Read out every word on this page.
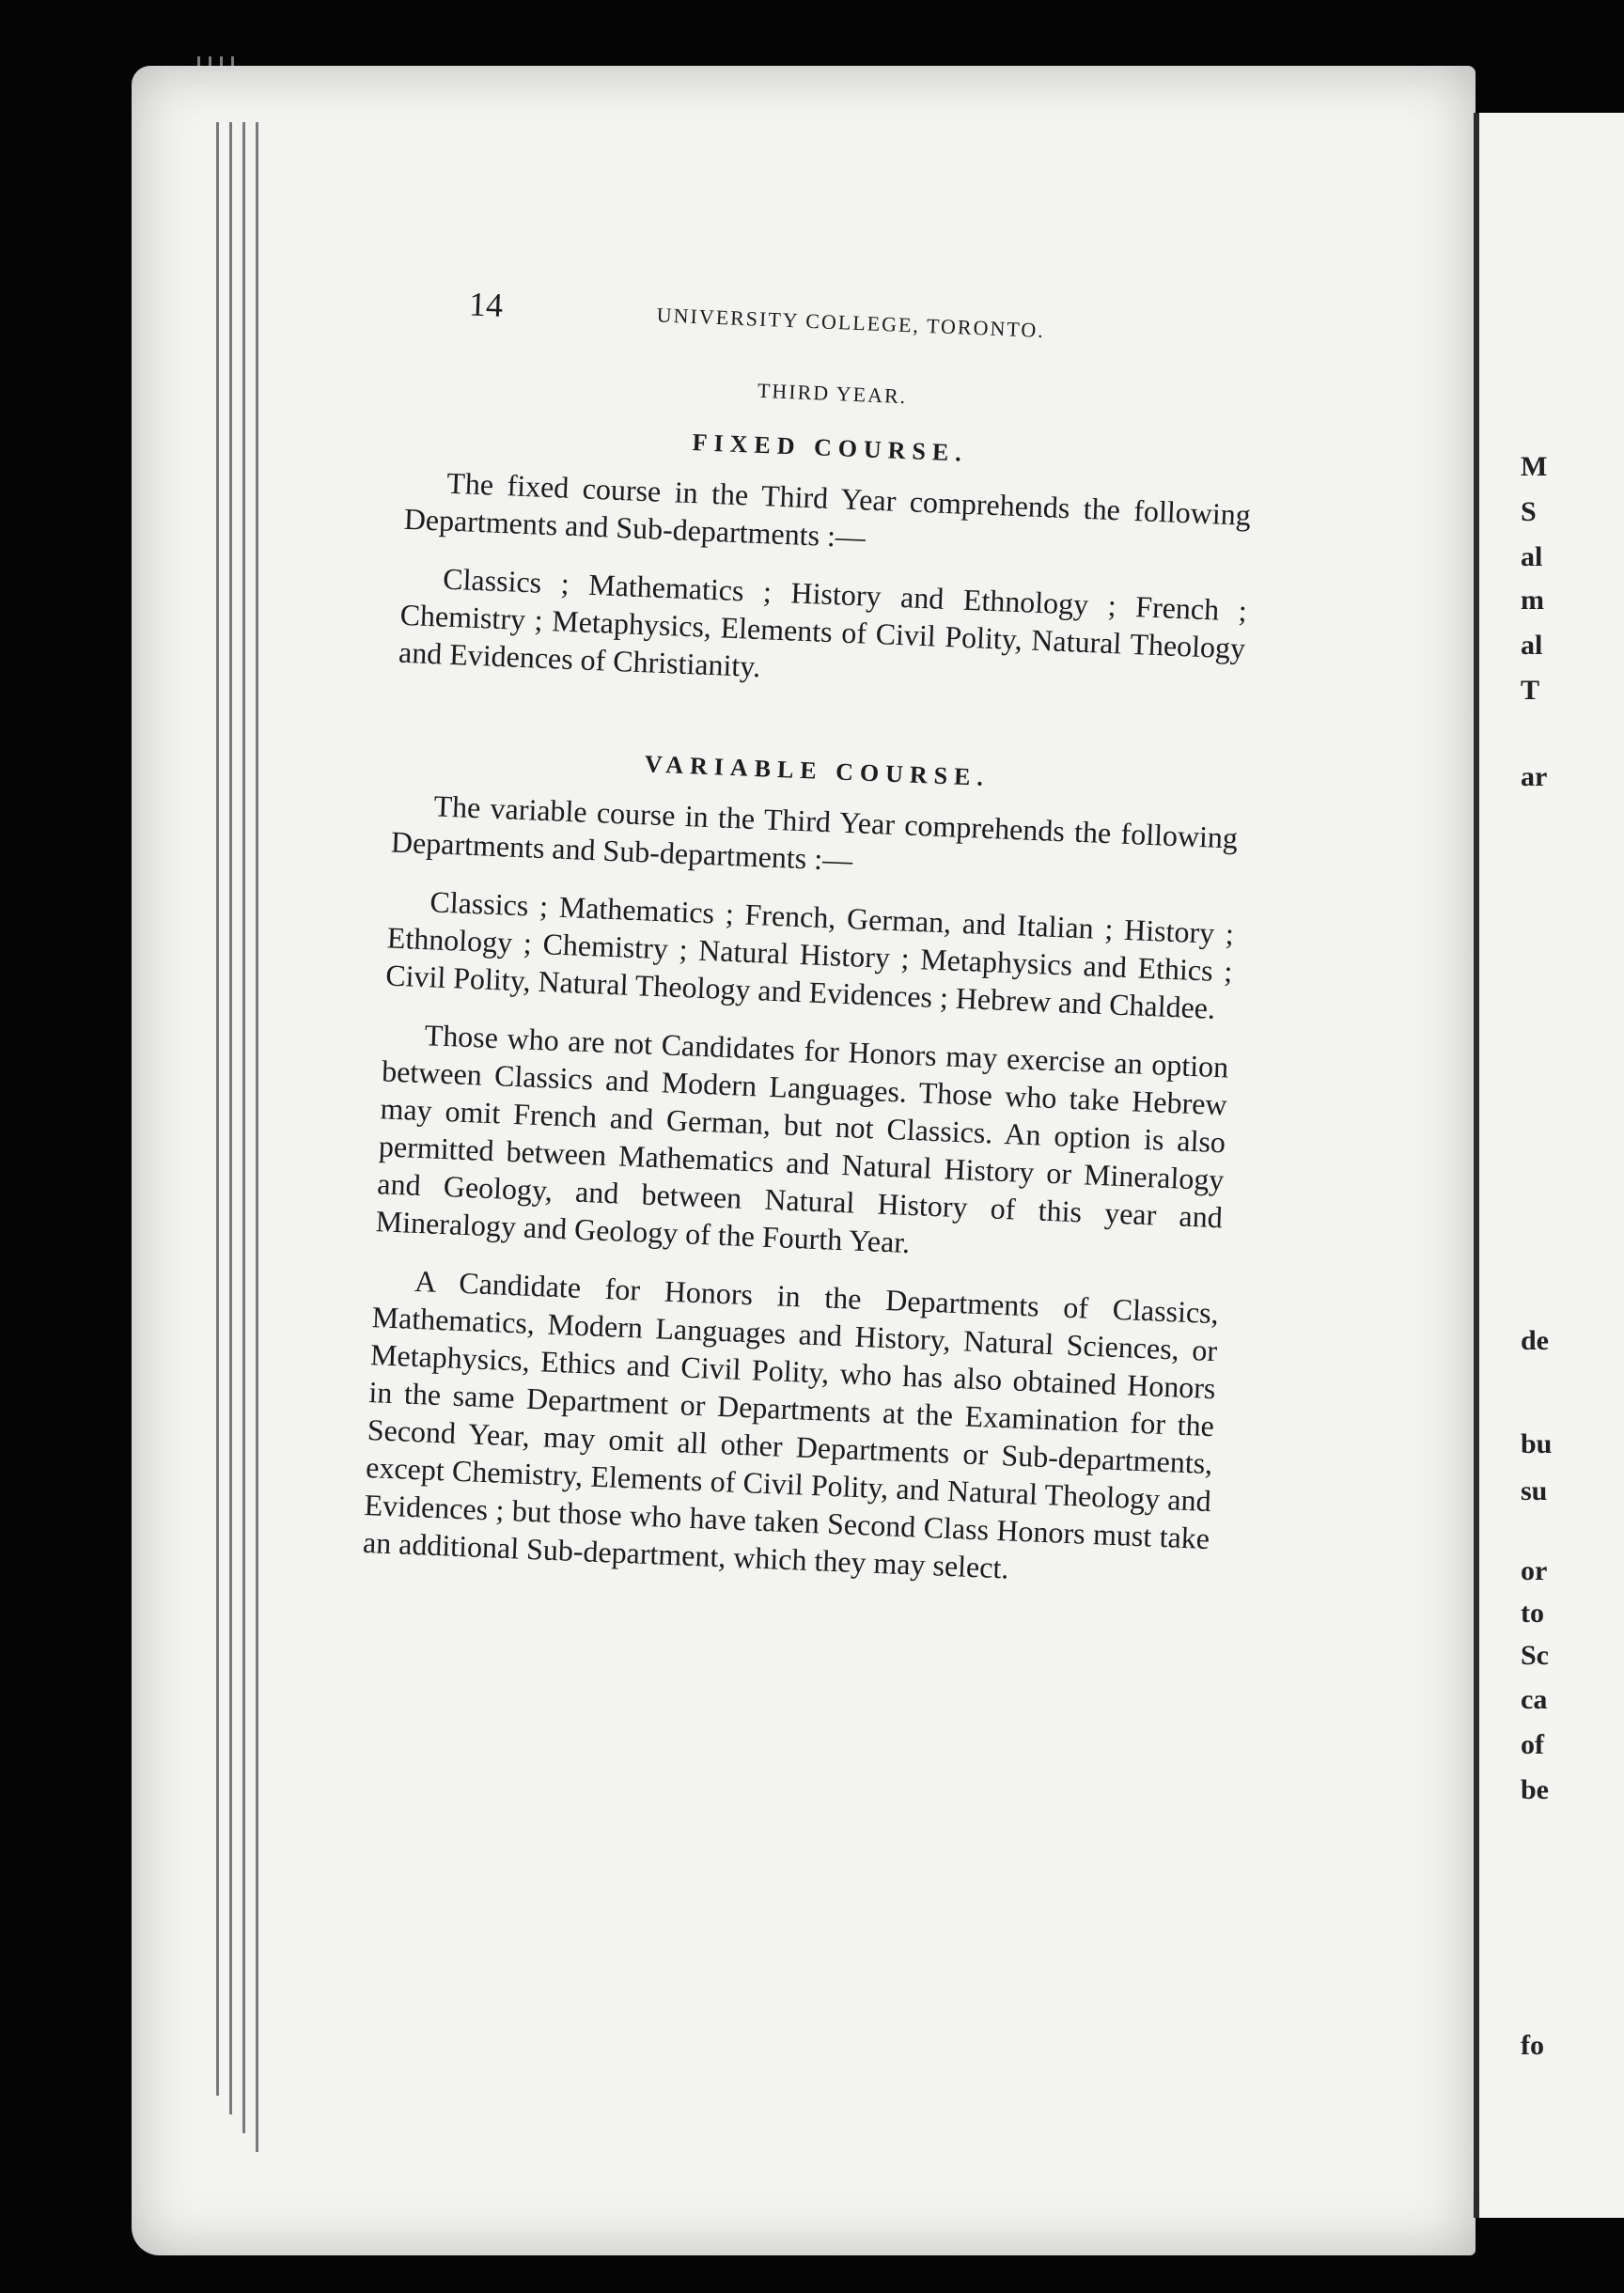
M
S
al
m
al
T
ar
de
bu
su
or
to
Sc
ca
of
be
fo
14	UNIVERSITY COLLEGE, TORONTO.
THIRD YEAR.
FIXED COURSE.

The fixed course in the Third Year comprehends the following Departments and Sub-departments :—

Classics ; Mathematics ; History and Ethnology ; French ; Chemistry ; Metaphysics, Elements of Civil Polity, Natural Theology and Evidences of Christianity.

VARIABLE COURSE.

The variable course in the Third Year comprehends the following Departments and Sub-departments :—

Classics ; Mathematics ; French, German, and Italian ; History ; Ethnology ; Chemistry ; Natural History ; Metaphysics and Ethics ; Civil Polity, Natural Theology and Evidences ; Hebrew and Chaldee.

Those who are not Candidates for Honors may exercise an option between Classics and Modern Languages. Those who take Hebrew may omit French and German, but not Classics. An option is also permitted between Mathematics and Natural History or Mineralogy and Geology, and between Natural History of this year and Mineralogy and Geology of the Fourth Year.

A Candidate for Honors in the Departments of Classics, Mathematics, Modern Languages and History, Natural Sciences, or Metaphysics, Ethics and Civil Polity, who has also obtained Honors in the same Department or Departments at the Examination for the Second Year, may omit all other Departments or Sub-departments, except Chemistry, Elements of Civil Polity, and Natural Theology and Evidences ; but those who have taken Second Class Honors must take an additional Sub-department, which they may select.
